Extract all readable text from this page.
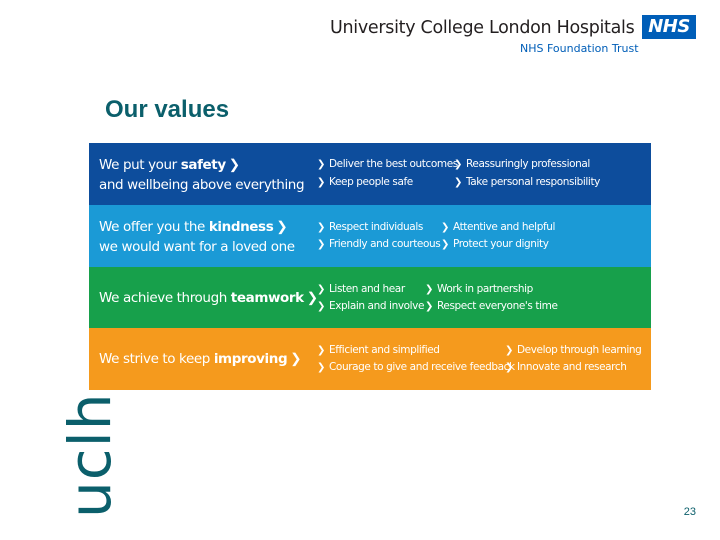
University College London Hospitals NHS
NHS Foundation Trust
Our values
We put your safety ❯
and wellbeing above everything
❯ Deliver the best outcomes
❯ Keep people safe
❯ Reassuringly professional
❯ Take personal responsibility
We offer you the kindness ❯
we would want for a loved one
❯ Respect individuals
❯ Friendly and courteous
❯ Attentive and helpful
❯ Protect your dignity
We achieve through teamwork ❯
❯ Listen and hear
❯ Explain and involve
❯ Work in partnership
❯ Respect everyone's time
We strive to keep improving ❯
❯ Efficient and simplified
❯ Courage to give and receive feedback
❯ Develop through learning
❯ Innovate and research
uclh	23
